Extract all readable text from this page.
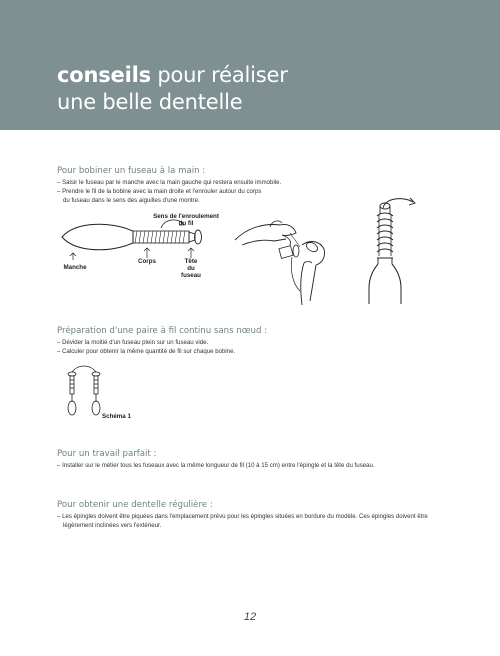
conseils pour réaliser
une belle dentelle

Pour bobiner un fuseau à la main :

– Saisir le fuseau par le manche avec la main gauche qui restera ensuite immobile.

– Prendre le fil de la bobine avec la main droite et l'enrouler autour du corps

du fuseau dans le sens des aiguilles d'une montre.

Sens de l'enroulement
du fil
Manche
Corps	Tête
du
fuseau

Préparation d'une paire à fil continu sans nœud :

– Dévider la moitié d'un fuseau plein sur un fuseau vide.

– Calculer pour obtenir la même quantité de fil sur chaque bobine.

Schéma 1

Pour un travail parfait :

– Installer sur le métier tous les fuseaux avec la même longueur de fil (10 à 15 cm) entre l'épingle et la tête du fuseau.

Pour obtenir une dentelle régulière :

– Les épingles doivent être piquées dans l'emplacement prévu pour les épingles situées en bordure du modèle. Ces épingles doivent être

légèrement inclinées vers l'extérieur.

12
